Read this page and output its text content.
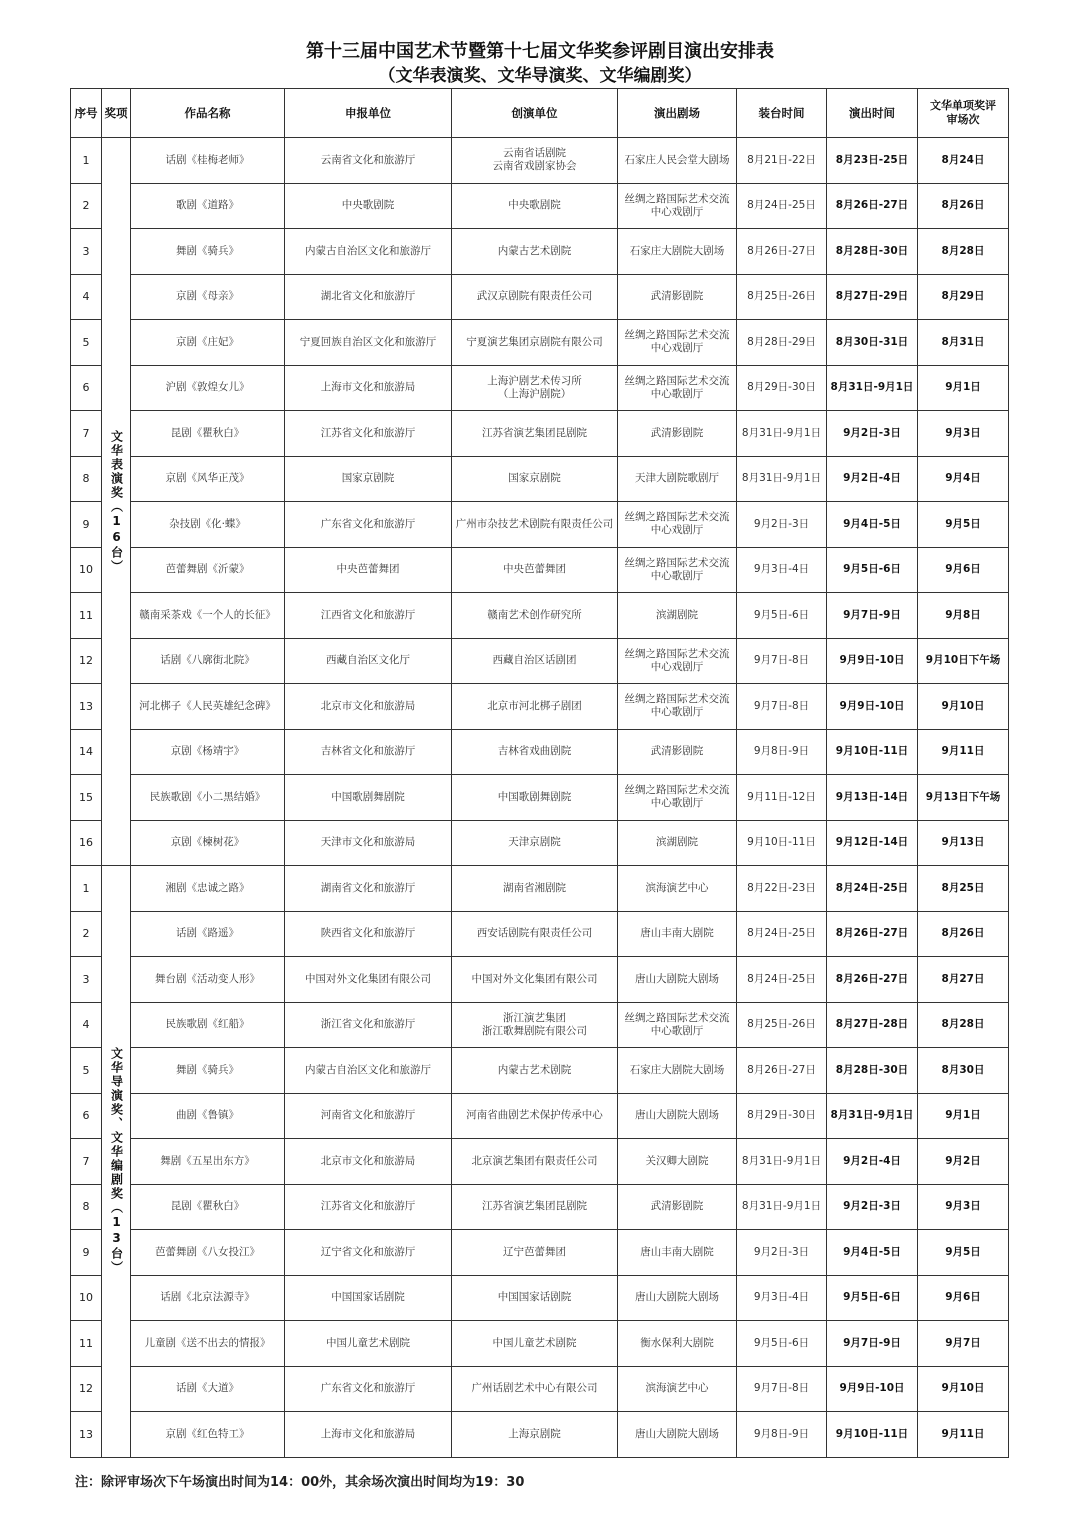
第十三届中国艺术节暨第十七届文华奖参评剧目演出安排表
（文华表演奖、文华导演奖、文华编剧奖）
序号	奖项	作品名称	申报单位	创演单位	演出剧场	装台时间	演出时间	文华单项奖评审场次
1	文华表演奖（16台）	话剧《桂梅老师》	云南省文化和旅游厅	云南省话剧院
云南省戏剧家协会	石家庄人民会堂大剧场	8月21日-22日	8月23日-25日	8月24日
2		歌剧《道路》	中央歌剧院	中央歌剧院	丝绸之路国际艺术交流中心戏剧厅	8月24日-25日	8月26日-27日	8月26日
3		舞剧《骑兵》	内蒙古自治区文化和旅游厅	内蒙古艺术剧院	石家庄大剧院大剧场	8月26日-27日	8月28日-30日	8月28日
4		京剧《母亲》	湖北省文化和旅游厅	武汉京剧院有限责任公司	武清影剧院	8月25日-26日	8月27日-29日	8月29日
5		京剧《庄妃》	宁夏回族自治区文化和旅游厅	宁夏演艺集团京剧院有限公司	丝绸之路国际艺术交流中心戏剧厅	8月28日-29日	8月30日-31日	8月31日
6		沪剧《敦煌女儿》	上海市文化和旅游局	上海沪剧艺术传习所
（上海沪剧院）	丝绸之路国际艺术交流中心歌剧厅	8月29日-30日	8月31日-9月1日	9月1日
7		昆剧《瞿秋白》	江苏省文化和旅游厅	江苏省演艺集团昆剧院	武清影剧院	8月31日-9月1日	9月2日-3日	9月3日
8		京剧《风华正茂》	国家京剧院	国家京剧院	天津大剧院歌剧厅	8月31日-9月1日	9月2日-4日	9月4日
9		杂技剧《化·蝶》	广东省文化和旅游厅	广州市杂技艺术剧院有限责任公司	丝绸之路国际艺术交流中心戏剧厅	9月2日-3日	9月4日-5日	9月5日
10		芭蕾舞剧《沂蒙》	中央芭蕾舞团	中央芭蕾舞团	丝绸之路国际艺术交流中心歌剧厅	9月3日-4日	9月5日-6日	9月6日
11		赣南采茶戏《一个人的长征》	江西省文化和旅游厅	赣南艺术创作研究所	滨湖剧院	9月5日-6日	9月7日-9日	9月8日
12		话剧《八廓街北院》	西藏自治区文化厅	西藏自治区话剧团	丝绸之路国际艺术交流中心戏剧厅	9月7日-8日	9月9日-10日	9月10日下午场
13		河北梆子《人民英雄纪念碑》	北京市文化和旅游局	北京市河北梆子剧团	丝绸之路国际艺术交流中心歌剧厅	9月7日-8日	9月9日-10日	9月10日
14		京剧《杨靖宇》	吉林省文化和旅游厅	吉林省戏曲剧院	武清影剧院	9月8日-9日	9月10日-11日	9月11日
15		民族歌剧《小二黑结婚》	中国歌剧舞剧院	中国歌剧舞剧院	丝绸之路国际艺术交流中心歌剧厅	9月11日-12日	9月13日-14日	9月13日下午场
16		京剧《楝树花》	天津市文化和旅游局	天津京剧院	滨湖剧院	9月10日-11日	9月12日-14日	9月13日
1	文华导演奖、文华编剧奖（13台）	湘剧《忠诚之路》	湖南省文化和旅游厅	湖南省湘剧院	滨海演艺中心	8月22日-23日	8月24日-25日	8月25日
2		话剧《路遥》	陕西省文化和旅游厅	西安话剧院有限责任公司	唐山丰南大剧院	8月24日-25日	8月26日-27日	8月26日
3		舞台剧《活动变人形》	中国对外文化集团有限公司	中国对外文化集团有限公司	唐山大剧院大剧场	8月24日-25日	8月26日-27日	8月27日
4		民族歌剧《红船》	浙江省文化和旅游厅	浙江演艺集团
浙江歌舞剧院有限公司	丝绸之路国际艺术交流中心歌剧厅	8月25日-26日	8月27日-28日	8月28日
5		舞剧《骑兵》	内蒙古自治区文化和旅游厅	内蒙古艺术剧院	石家庄大剧院大剧场	8月26日-27日	8月28日-30日	8月30日
6		曲剧《鲁镇》	河南省文化和旅游厅	河南省曲剧艺术保护传承中心	唐山大剧院大剧场	8月29日-30日	8月31日-9月1日	9月1日
7		舞剧《五星出东方》	北京市文化和旅游局	北京演艺集团有限责任公司	关汉卿大剧院	8月31日-9月1日	9月2日-4日	9月2日
8		昆剧《瞿秋白》	江苏省文化和旅游厅	江苏省演艺集团昆剧院	武清影剧院	8月31日-9月1日	9月2日-3日	9月3日
9		芭蕾舞剧《八女投江》	辽宁省文化和旅游厅	辽宁芭蕾舞团	唐山丰南大剧院	9月2日-3日	9月4日-5日	9月5日
10		话剧《北京法源寺》	中国国家话剧院	中国国家话剧院	唐山大剧院大剧场	9月3日-4日	9月5日-6日	9月6日
11		儿童剧《送不出去的情报》	中国儿童艺术剧院	中国儿童艺术剧院	衡水保利大剧院	9月5日-6日	9月7日-9日	9月7日
12		话剧《大道》	广东省文化和旅游厅	广州话剧艺术中心有限公司	滨海演艺中心	9月7日-8日	9月9日-10日	9月10日
13		京剧《红色特工》	上海市文化和旅游局	上海京剧院	唐山大剧院大剧场	9月8日-9日	9月10日-11日	9月11日
注：除评审场次下午场演出时间为14：00外，其余场次演出时间均为19：30
